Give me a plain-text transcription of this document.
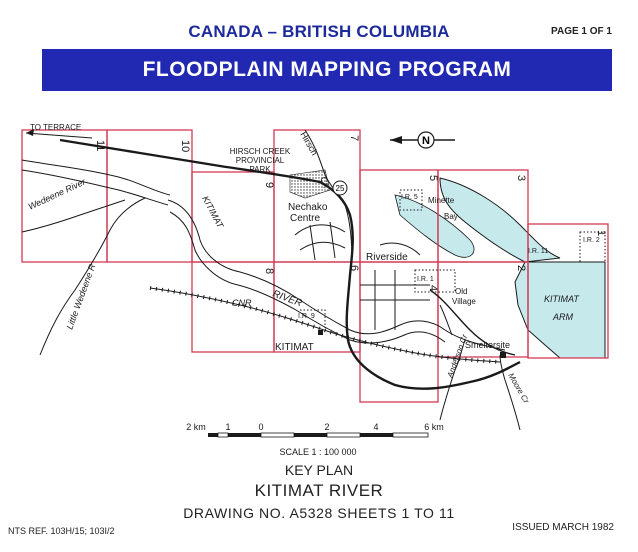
CANADA – BRITISH COLUMBIA	PAGE 1 OF 1
FLOODPLAIN MAPPING PROGRAM
N
25
11	10
9
8
7
6
5
4
3
2
1
TO TERRACE
HIRSCH CREEK
PROVINCIAL
PARK
Hirsch
Cr.
Nechako
Centre
Riverside
Minette
Bay
Old
Village
KITIMAT	Smeltersite
KITIMAT
ARM
KITIMAT
RIVER
CNR
Wedeene River
Little Wedeene R
Anderson Cr
Moore Cr
I.R. 5
I.R. 1
I.R. 2
I.R. 11
I.R. 9
2 km 1	0	2	4	6 km
SCALE 1 : 100 000
KEY PLAN
KITIMAT RIVER
DRAWING NO. A5328 SHEETS 1 TO 11
NTS REF. 103H/15; 103I/2	ISSUED MARCH 1982
